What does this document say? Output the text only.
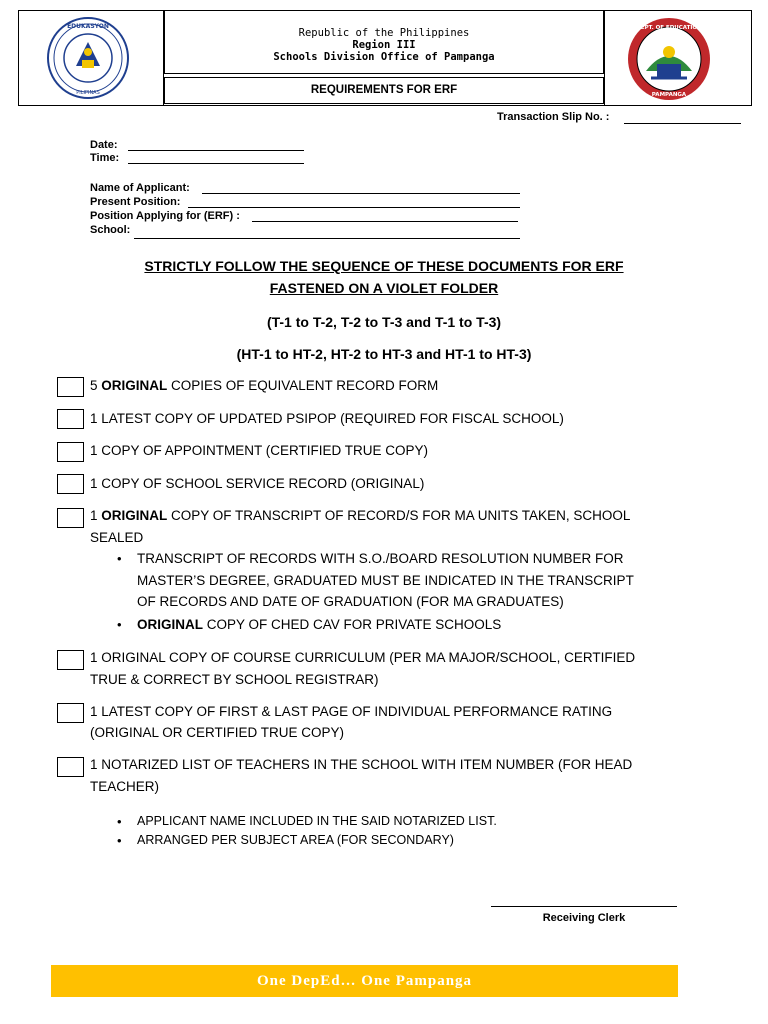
EDUKASYON
PILIPINAS
DEPT. OF EDUCATION
PAMPANGA
Republic of the Philippines
Region III
Schools Division Office of Pampanga
REQUIREMENTS FOR ERF
Transaction Slip No. :
Date:
Time:
Name of Applicant:
Present Position:
Position Applying for (ERF) :
School:
STRICTLY FOLLOW THE SEQUENCE OF THESE DOCUMENTS FOR ERF
FASTENED ON A VIOLET FOLDER
(T-1 to T-2, T-2 to T-3 and T-1 to T-3)
(HT-1 to HT-2, HT-2 to HT-3 and HT-1 to HT-3)
5 ORIGINAL COPIES OF EQUIVALENT RECORD FORM
1 LATEST COPY OF UPDATED PSIPOP (REQUIRED FOR FISCAL SCHOOL)
1 COPY OF APPOINTMENT (CERTIFIED TRUE COPY)
1 COPY OF SCHOOL SERVICE RECORD (ORIGINAL)
1 ORIGINAL COPY OF TRANSCRIPT OF RECORD/S FOR MA UNITS TAKEN, SCHOOL
SEALED
• TRANSCRIPT OF RECORDS WITH S.O./BOARD RESOLUTION NUMBER FOR
MASTER’S DEGREE, GRADUATED MUST BE INDICATED IN THE TRANSCRIPT
OF RECORDS AND DATE OF GRADUATION (FOR MA GRADUATES)
• ORIGINAL COPY OF CHED CAV FOR PRIVATE SCHOOLS
1 ORIGINAL COPY OF COURSE CURRICULUM (PER MA MAJOR/SCHOOL, CERTIFIED
TRUE & CORRECT BY SCHOOL REGISTRAR)
1 LATEST COPY OF FIRST & LAST PAGE OF INDIVIDUAL PERFORMANCE RATING
(ORIGINAL OR CERTIFIED TRUE COPY)
1 NOTARIZED LIST OF TEACHERS IN THE SCHOOL WITH ITEM NUMBER (FOR HEAD
TEACHER)
• APPLICANT NAME INCLUDED IN THE SAID NOTARIZED LIST.
• ARRANGED PER SUBJECT AREA (FOR SECONDARY)
Receiving Clerk
One DepEd… One Pampanga
